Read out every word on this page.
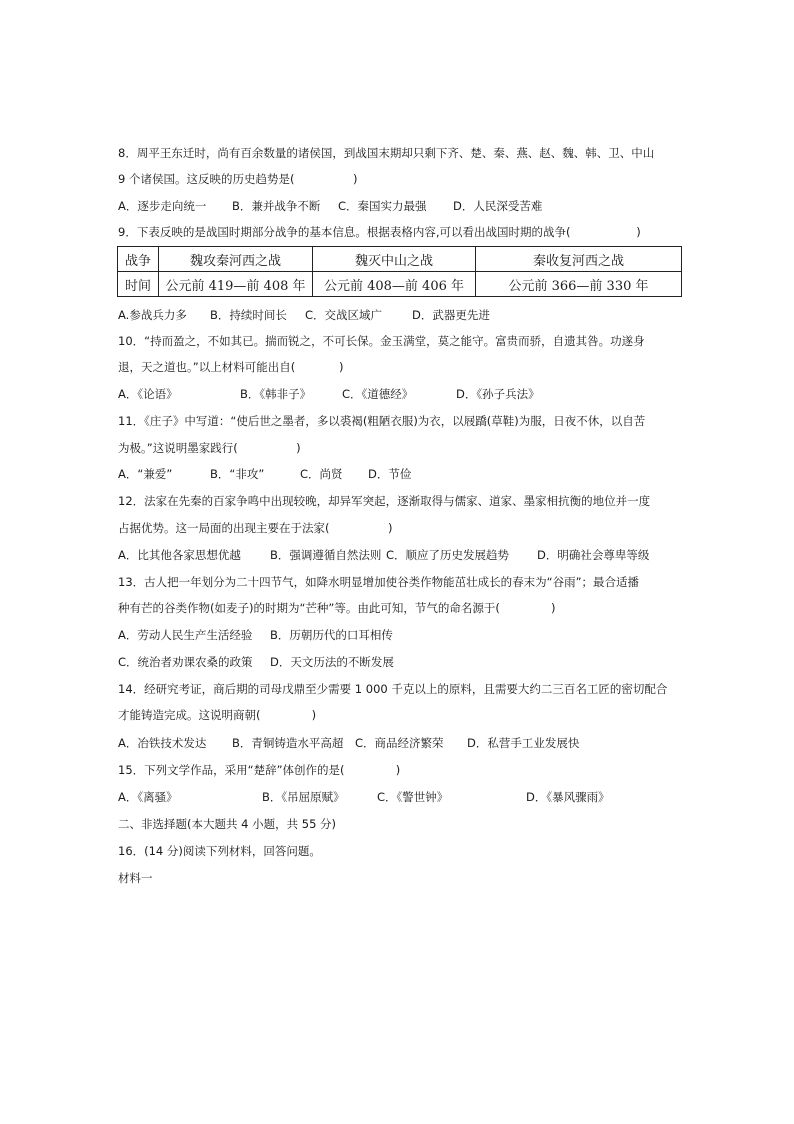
8．周平王东迁时，尚有百余数量的诸侯国，到战国末期却只剩下齐、楚、秦、燕、赵、魏、韩、卫、中山
9 个诸侯国。这反映的历史趋势是(                )
A．逐步走向统一 B．兼并战争不断 C．秦国实力最强 D．人民深受苦难
9．下表反映的是战国时期部分战争的基本信息。根据表格内容,可以看出战国时期的战争(                  )
战争	魏攻秦河西之战	魏灭中山之战	秦收复河西之战
时间	公元前 419—前 408 年	公元前 408—前 406 年	公元前 366—前 330 年
A.参战兵力多 B．持续时间长 C．交战区域广	D．武器更先进
10．“持而盈之，不如其已。揣而锐之，不可长保。金玉满堂，莫之能守。富贵而骄，自遗其咎。功遂身
退，天之道也。”以上材料可能出自(            )
A．《论语》	B．《韩非子》	C．《道德经》	D．《孙子兵法》
11．《庄子》中写道：“使后世之墨者，多以裘褐(粗陋衣服)为衣，以屐蹻(草鞋)为服，日夜不休，以自苦
为极。”这说明墨家践行(                )
A．“兼爱”	B．“非攻”	C．尚贤 D．节俭
12．法家在先秦的百家争鸣中出现较晚，却异军突起，逐渐取得与儒家、道家、墨家相抗衡的地位并一度
占据优势。这一局面的出现主要在于法家(                )
A．比其他各家思想优越	B．强调遵循自然法则 C．顺应了历史发展趋势 D．明确社会尊卑等级
13．古人把一年划分为二十四节气，如降水明显增加使谷类作物能茁壮成长的春末为“谷雨”；最合适播
种有芒的谷类作物(如麦子)的时期为“芒种”等。由此可知，节气的命名源于(              )
A．劳动人民生产生活经验 B．历朝历代的口耳相传
C．统治者劝课农桑的政策 D．天文历法的不断发展
14．经研究考证，商后期的司母戊鼎至少需要 1 000 千克以上的原料，且需要大约二三百名工匠的密切配合
才能铸造完成。这说明商朝(              )
A．冶铁技术发达 B．青铜铸造水平高超 C．商品经济繁荣 D．私营手工业发展快
15．下列文学作品，采用“楚辞”体创作的是(              )
A．《离骚》	B．《吊屈原赋》	C．《警世钟》	D．《暴风骤雨》
二、非选择题(本大题共 4 小题，共 55 分)
16．(14 分)阅读下列材料，回答问题。
材料一
